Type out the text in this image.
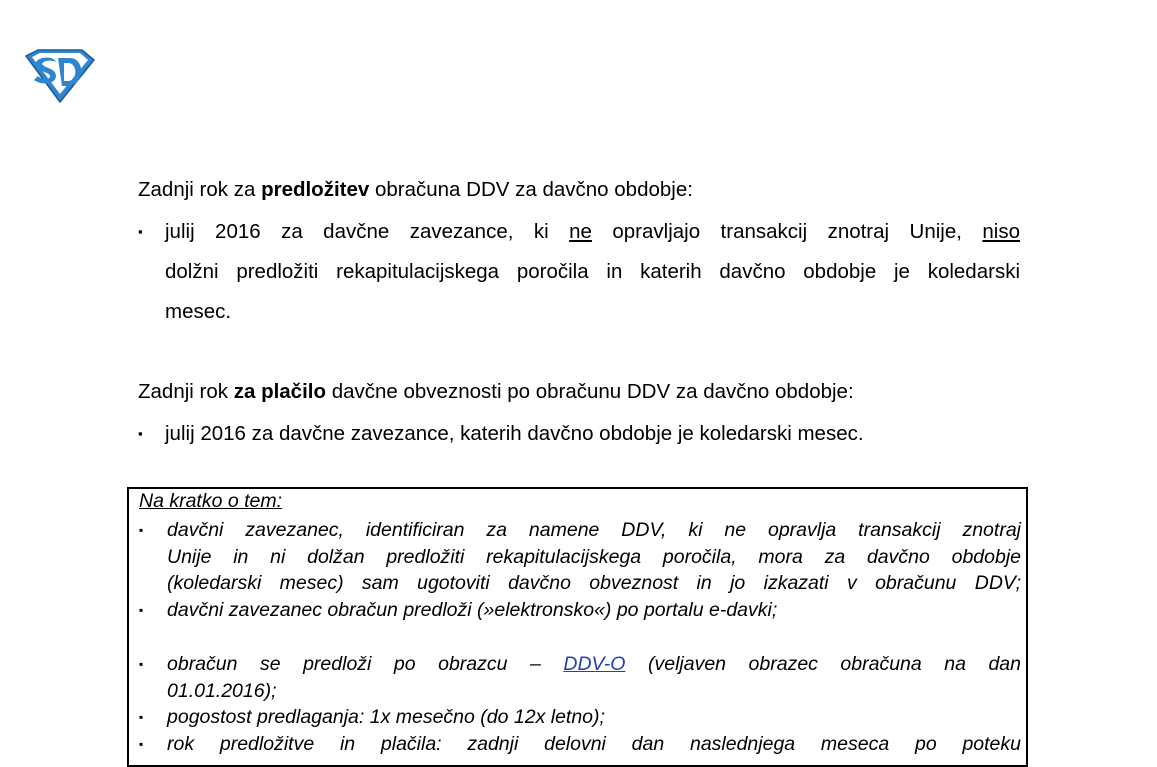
Zadnji rok za predložitev obračuna DDV za davčno obdobje:
▪ julij 2016 za davčne zavezance, ki ne opravljajo transakcij znotraj Unije, niso
dolžni predložiti rekapitulacijskega poročila in katerih davčno obdobje je koledarski
mesec.
Zadnji rok za plačilo davčne obveznosti po obračunu DDV za davčno obdobje:
▪ julij 2016 za davčne zavezance, katerih davčno obdobje je koledarski mesec.
Na kratko o tem:
▪ davčni zavezanec, identificiran za namene DDV, ki ne opravlja transakcij znotraj
Unije in ni dolžan predložiti rekapitulacijskega poročila, mora za davčno obdobje
(koledarski mesec) sam ugotoviti davčno obveznost in jo izkazati v obračunu DDV;
▪ davčni zavezanec obračun predloži (»elektronsko«) po portalu e-davki;
▪ obračun se predloži po obrazcu – DDV-O (veljaven obrazec obračuna na dan
01.01.2016);
▪ pogostost predlaganja: 1x mesečno (do 12x letno);
▪ rok predložitve in plačila: zadnji delovni dan naslednjega meseca po poteku
